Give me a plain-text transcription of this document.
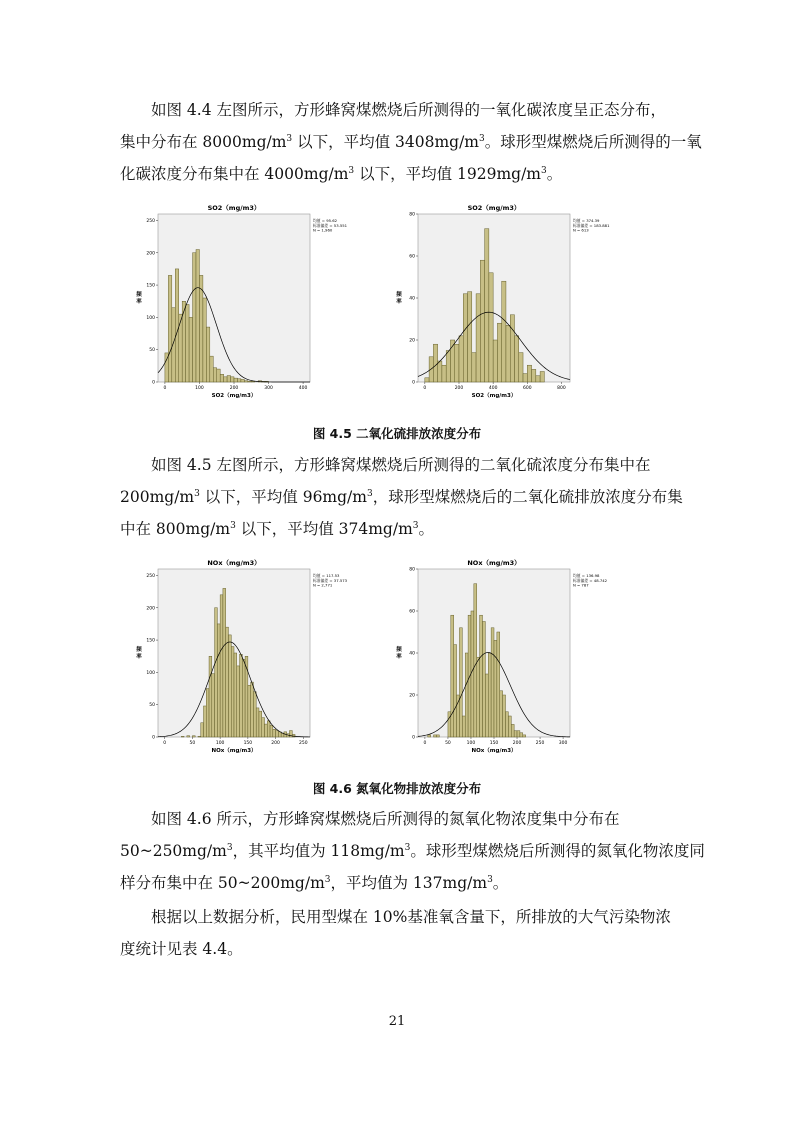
如图 4.4 左图所示，方形蜂窝煤燃烧后所测得的一氧化碳浓度呈正态分布，
集中分布在 $8000mg/m^3$ 以下，平均值 $3408mg/m^3$。球形型煤燃烧后所测得的一氧
化碳浓度分布集中在 $4000mg/m^3$ 以下，平均值 $1929mg/m^3$。

SO2（mg/m3）
0
50
100
150
200
250
0	100	200	300	400
均值 = 95.62
标准偏差 = 53.551
N = 1,960
SO2（mg/m3）
频
率
SO2（mg/m3）
0
20
40
60
80
0	200	400	600	800
均值 = 374.39
标准偏差 = 183.881
N = 613
SO2（mg/m3）
频
率
图 4.5 二氧化硫排放浓度分布

如图 4.5 左图所示，方形蜂窝煤燃烧后所测得的二氧化硫浓度分布集中在
$200mg/m^3$ 以下，平均值 $96mg/m^3$，球形型煤燃烧后的二氧化硫排放浓度分布集
中在 $800mg/m^3$ 以下，平均值 $374mg/m^3$。

NOx（mg/m3）
0
50
100
150
200
250
0	50	100	150	200	250
均值 = 117.53
标准偏差 = 37.573
N = 2,771
NOx（mg/m3）
频
率
NOx（mg/m3）
0
20
40
60
80
0	50	100	150	200	250	300
均值 = 136.98
标准偏差 = 48.742
N = 787
NOx（mg/m3）
频
率
图 4.6 氮氧化物排放浓度分布

如图 4.6 所示，方形蜂窝煤燃烧后所测得的氮氧化物浓度集中分布在
$50\sim 250mg/m^3$，其平均值为 $118mg/m^3$。球形型煤燃烧后所测得的氮氧化物浓度同
样分布集中在 $50\sim 200mg/m^3$，平均值为 $137mg/m^3$。

根据以上数据分析，民用型煤在 10%基准氧含量下，所排放的大气污染物浓
度统计见表 4.4。

21
